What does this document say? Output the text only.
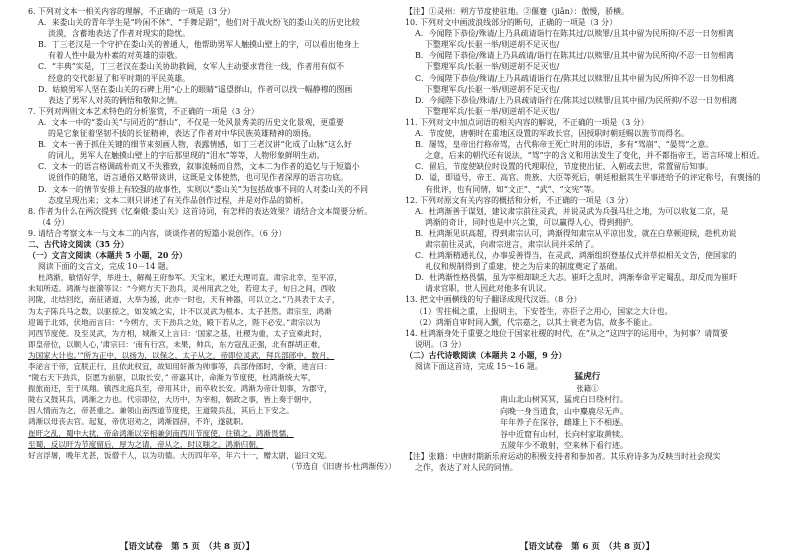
6. 下列对文本一相关内容的理解，不正确的一项是（3 分）
A．来娄山关的青年学生是“吟闲不休”、“手舞足蹈”，他们对于战火纷飞的娄山关的历史比较
淡漠，含蓄地表达了作者对现实的隐忧。
B．丁三老汉是一个守护在娄山关的普通人，他帮助男军人触摸山壁上的字，可以看出他身上
有着人性中最为朴素的对英雄的崇敬。
C．“丰典”实是，丁三老汉在娄山关协助救阔，女军人主动要求背往一线，作者用有似不
经意的交代彰显了和平时期的平民英雄。
D．姑娘男军人坚在娄山关的石碑上用“心上的眼睛”遥望群山，作者可以找一幅静穆的图画
表达了男军人对英的俩悟和敬仰之情。
7. 下列对两则文本艺术特色的分析鉴赏，不正确的一项是（3 分）
A．文本一中的“娄山关”与同近的“群山”，不仅是一处风景秀美的历史文化景观，更重要
的是它象征着坚韧不拔的长征精神，表达了作者对中华民族英雄精神的颂扬。
B．文本一善于抓住关键的细节来刻画人物，表露情感，如丁三老汉讲“化成了山脉”这么好
的词儿，男军人在触摸山壁上的字后那里现的“泪水”等等，人物形象鲜明生动。
C．文本一的语言格调疏朴而又不失雅致，叙事流畅而自然，文本二为作者的追忆与于短篇小
说创作的随笔，语言通俗又略带谈讲，这既是文体使然，也可见作者深厚的语言功底。
D．文本一的情节安排上有较强的故事性，实则以“娄山关”为包括故事不同的人对娄山关的不同
态度呈现出来；文本二则只讲述了有关作品创作过程，并是对作品的简析。
8. 作者为什么在两次提到《忆秦娥·娄山关》这首诗词，有怎样的表达效果？请结合文本简要分析。
（4 分）
9. 请结合考察文本一与文本二的内容，谈谈作者的短篇小说创作。（6 分）
二、古代诗文阅读（35 分）
（一）文言文阅读（本题共 5 小题，20 分）
阅读下面的文言文，完成 10－14 题。
杜鸿渐，敏悟好学，举进士，解褐王府参军。天宝末，累迁大理司直。肃宗北幸，至平凉，
未知所适。鸿渐与崔漪等议：“今朔方天下劲兵，灵州用武之处，若迎太子，旬日之间，西收
河陇，北结回纥，南征诸道，大举为援，此亦一时也，天有神器，可以立之。”乃具表于太子，
为太子陈兵马之数，以驱掠之，如发城之实，计不以灵武为根本。太子甚然。肃宗至，鸿渐
迎谒于北郊，伏地而言曰：“今朔方，天下劲兵之处，殿下若从之，陛下必安。”肃宗以为
河西节度使。及至灵武，为方相，城渐又上言曰：‘国家之基，社稷为重，太子宜乘此时，
即皇帝位，以顺人心，’肃宗曰：‘南有行宫，未果，帅兵，东方寇乱正强，北有群胡正难，
为国家大计也。’”所为正中，以扬为，以保之，太子从之。帝即位灵武，拜兵部郎中。数月，
李泌言于帝，宜朕正行，且依此权宜，故知用奸渐为帅事等，兵部侍郎时，令渐，进言曰：
“陇右天下劲兵，臣愿为前驱，以取长安，” 帝嘉其计，命渐为节度使，杜鸿渐统大军，
振旅而还，至于凤翔。镇西北庭兵至，帝用其计，而卒收长安。鸿渐为帝计划事，为郡守，
陇右又鼓其兵，鸿渐之力也。代宗即位，大历中，为宰相，朝政之事，皆上奏于朝中，
因人情而为之，帝甚重之。兼领山南西道节度使，王道陵兵乱，其后上下安之。
鸿渐以母丧去官。起复，帝优诏劝之，鸿渐固辞，不许，遂就职。
崔旰之乱，蜀中大扰，帝命鸿渐以宰相兼剑南西川节度使，往镇之。鸿渐畏懦，
至蜀，反以旰为节度留后，厚为之请，帝从之，时议嗤之。鸿渐归朝，
好言浮屠，晚年尤甚，饭僧千人，以为功德。大历四年卒，年六十一，赠太尉，谥曰文宪。
（节选自《旧唐书·杜鸿渐传》）
【注】①灵州：朔方节度使驻地。②偃蹇（jiǎn）：傲慢，骄横。
10. 下列对文中画波浪线部分的断句，正确的一项是（3 分）
A．今闻陛下恭俭/殊请/上乃具疏请诣行在陈其过/以赎罪/且其中留为民所抑/不忍一日勿相离
下整理军兵/长驱一举/则逆胡不足灭也/
B．今闻陛下恭俭/殊请上乃具疏请/诣行在陈其过/以赎罪/且其中留为民所抑/不忍一日勿相离
下整理军兵/长驱一举/则逆胡不足灭也/
C．今闻陛下恭俭/殊请/上乃具疏请诣行在/陈其过以赎罪/且其中留为民/所抑不忍一日勿相离
下整理军兵/长驱一举/则逆胡不足灭也/
D．今闻陛下恭俭/殊请/上乃具疏请诣行在/陈其过以赎罪/且其中留/为民所抑/不忍一日勿相离
下整理军兵/长驱一举/则逆胡不足灭也/
11. 下列对文中加点词语的相关内容的解说，不正确的一项是（3 分）
A．节度使，唐朝时在重地区设置的军政长官，因授职时朝廷赐以旌节而得名。
B．屡驾，皇帝出行称帝驾，古代称帝王死亡时用的讳语，多有“驾崩”、“晏驾”之意。
之意，后来的朝代还有说法，“驾”字的含义和用法发生了变化，并不都指帝王，语言环境上相近。
C．留后，节度使缺位时设置的代理职位，节度使出征、入朝或去世，常置留后知事。
D．谥，即谥号，帝王、高官、贵族、大臣等死后，朝廷根据其生平事迹给予的评定称号，有褒扬的
有批评，也有同情，如“文正”、“武”、“文宪”等。
12. 下列对原文有关内容的概括和分析，不正确的一项是（3 分）
A．杜鸿渐善于谋划，建议肃宗前往灵武，并说灵武为兵强马壮之地，为可以收复二京，是
鸿渐的奇计，同时也是中兴之策，可以赢得人心，得到拥护。
B．杜鸿渐见识高超，得到肃宗认可，鸿渐得知肃宗从平凉出发，就在白草顿迎候，趁机劝说
肃宗前往灵武，向肃宗进言，肃宗认同并采纳了。
C．杜鸿渐精通礼仪，办事妥善得当，在灵武，鸿渐组织登基仪式并草拟相关文告，使国家的
礼仪和规制得到了重建，使之为后来的制度奠定了基础。
D．杜鸿渐性格畏懦，虽为宰相却缺乏大志。崔旰之乱时，鸿渐奉命平定蜀乱，却反而为崔旰
请求官职，世人因此对他多有讥议。
13. 把文中画横线的句子翻译成现代汉语。（8 分）
（1）雪拄楫之重，上报明主，下安苍生，亦臣子之用心，国家之大计也。
（2）鸿渐自审时同入觐，代宗嘉之，以其士衰老为信，故多不能止。
14. 杜鸿渐身处于重要之地位于国家社稷的时代，在“从之”这四字的运用中，为何事？请简要
说明。（3 分）
（二）古代诗歌阅读（本题共 2 小题，9 分）
阅读下面这首诗，完成 15～16 题。
猛虎行
张籍①
南山北山树冥冥，猛虎白日绕村行。
向晚一身当道食，山中麋鹿尽无声。
年年养子在深谷，雌雄上下不相逐。
谷中近窟有山村，长向村家取黄犊。
五陵年少不敢射，空来林下看行迹。
【注】张籍：中唐时期新乐府运动的积极支持者和参加者。其乐府诗多为反映当时社会现实
之作，表达了对人民的同情。
【语文试卷　第 5 页　（共 8 页）】	【语文试卷　第 6 页　（共 8 页）】
